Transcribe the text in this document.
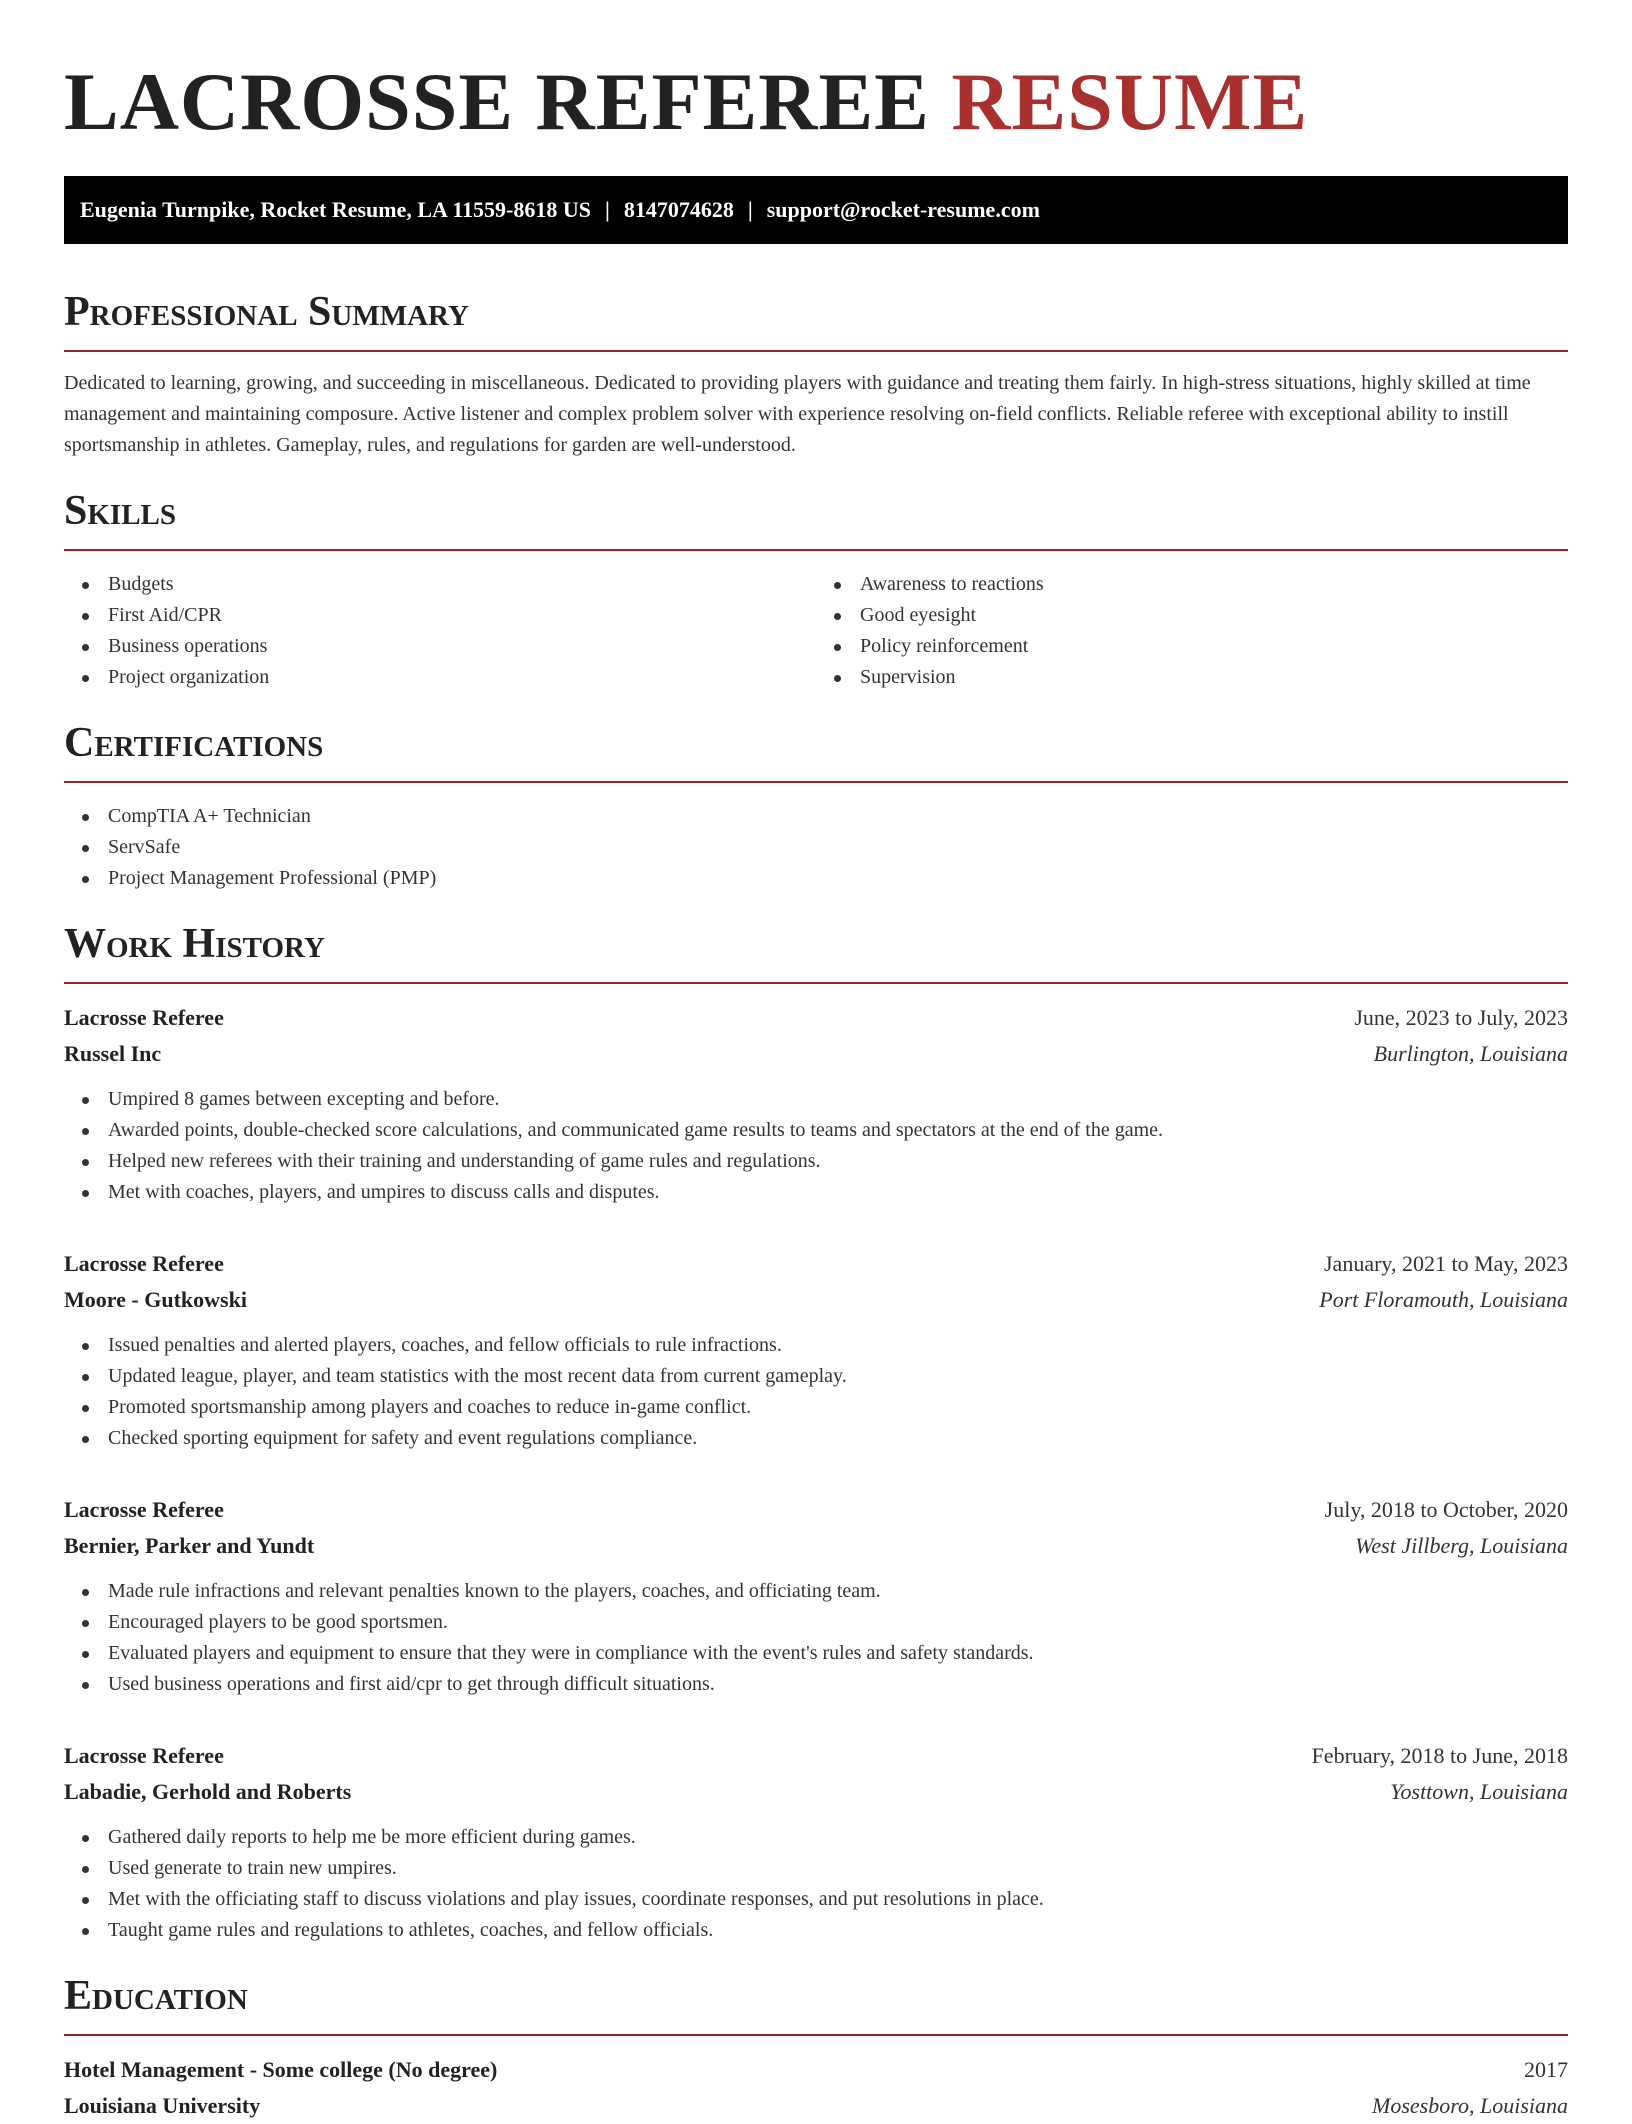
LACROSSE REFEREE RESUME
Eugenia Turnpike, Rocket Resume, LA 11559-8618 US | 8147074628 | support@rocket-resume.com
Professional Summary

Dedicated to learning, growing, and succeeding in miscellaneous. Dedicated to providing players with guidance and treating them fairly. In high-stress situations, highly skilled at time management and maintaining composure. Active listener and complex problem solver with experience resolving on-field conflicts. Reliable referee with exceptional ability to instill sportsmanship in athletes. Gameplay, rules, and regulations for garden are well-understood.

Skills
Budgets
First Aid/CPR
Business operations
Project organization
Awareness to reactions
Good eyesight
Policy reinforcement
Supervision
Certifications
CompTIA A+ Technician
ServSafe
Project Management Professional (PMP)
Work History
Lacrosse Referee	June, 2023 to July, 2023
Russel Inc	Burlington, Louisiana
Umpired 8 games between excepting and before.
Awarded points, double-checked score calculations, and communicated game results to teams and spectators at the end of the game.
Helped new referees with their training and understanding of game rules and regulations.
Met with coaches, players, and umpires to discuss calls and disputes.
Lacrosse Referee	January, 2021 to May, 2023
Moore - Gutkowski	Port Floramouth, Louisiana
Issued penalties and alerted players, coaches, and fellow officials to rule infractions.
Updated league, player, and team statistics with the most recent data from current gameplay.
Promoted sportsmanship among players and coaches to reduce in-game conflict.
Checked sporting equipment for safety and event regulations compliance.
Lacrosse Referee	July, 2018 to October, 2020
Bernier, Parker and Yundt	West Jillberg, Louisiana
Made rule infractions and relevant penalties known to the players, coaches, and officiating team.
Encouraged players to be good sportsmen.
Evaluated players and equipment to ensure that they were in compliance with the event's rules and safety standards.
Used business operations and first aid/cpr to get through difficult situations.
Lacrosse Referee	February, 2018 to June, 2018
Labadie, Gerhold and Roberts	Yosttown, Louisiana
Gathered daily reports to help me be more efficient during games.
Used generate to train new umpires.
Met with the officiating staff to discuss violations and play issues, coordinate responses, and put resolutions in place.
Taught game rules and regulations to athletes, coaches, and fellow officials.
Education
Hotel Management - Some college (No degree)	2017
Louisiana University	Mosesboro, Louisiana
